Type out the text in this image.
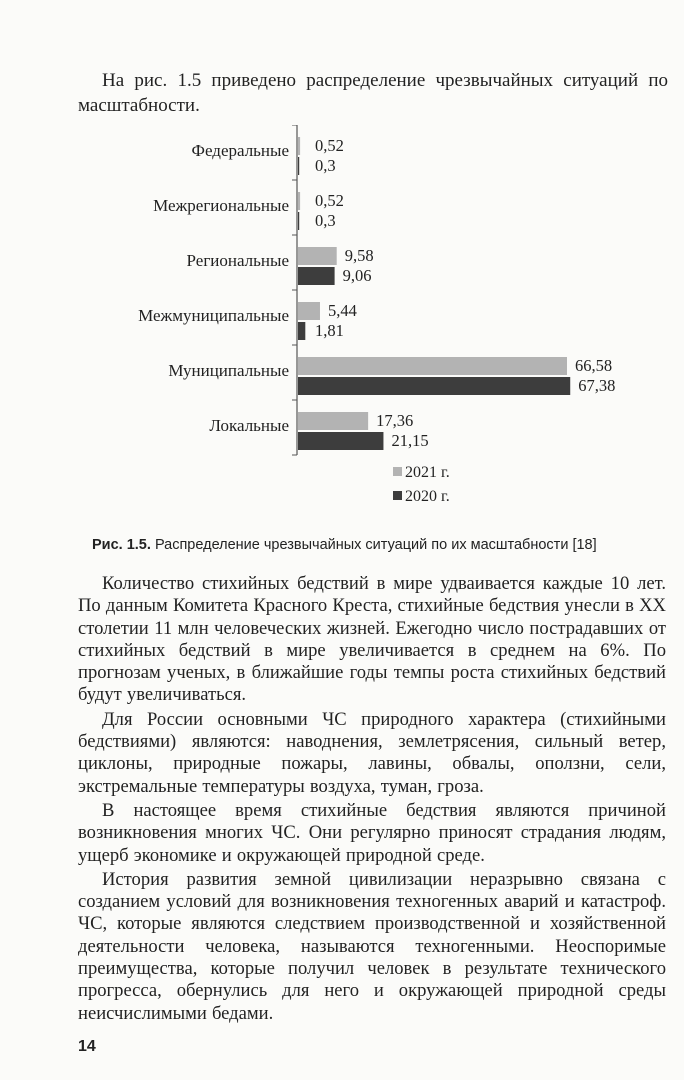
На рис. 1.5 приведено распределение чрезвычайных ситуаций по масштабности.
Федеральные 0,52
0,3
Межрегиональные 0,52
0,3
Региональные	9,58
9,06
Межмуниципальные 5,44
1,81
Муниципальные	66,58
67,38
Локальные	17,36
21,15
2021 г.
2020 г.
Рис. 1.5. Распределение чрезвычайных ситуаций по их масштабности [18]

Количество стихийных бедствий в мире удваивается каждые 10 лет. По данным Комитета Красного Креста, стихийные бедствия унесли в XX столетии 11 млн человеческих жизней. Ежегодно число пострадавших от стихийных бедствий в мире увеличивается в среднем на 6%. По прогнозам ученых, в ближайшие годы темпы роста стихийных бедствий будут увеличиваться.

Для России основными ЧС природного характера (стихийными бедствиями) являются: наводнения, землетрясения, сильный ветер, циклоны, природные пожары, лавины, обвалы, оползни, сели, экстремальные температуры воздуха, туман, гроза.

В настоящее время стихийные бедствия являются причиной возникновения многих ЧС. Они регулярно приносят страдания людям, ущерб экономике и окружающей природной среде.

История развития земной цивилизации неразрывно связана с созданием условий для возникновения техногенных аварий и катастроф. ЧС, которые являются следствием производственной и хозяйственной деятельности человека, называются техногенными. Неоспоримые преимущества, которые получил человек в результате технического прогресса, обернулись для него и окружающей природной среды неисчислимыми бедами.

14
